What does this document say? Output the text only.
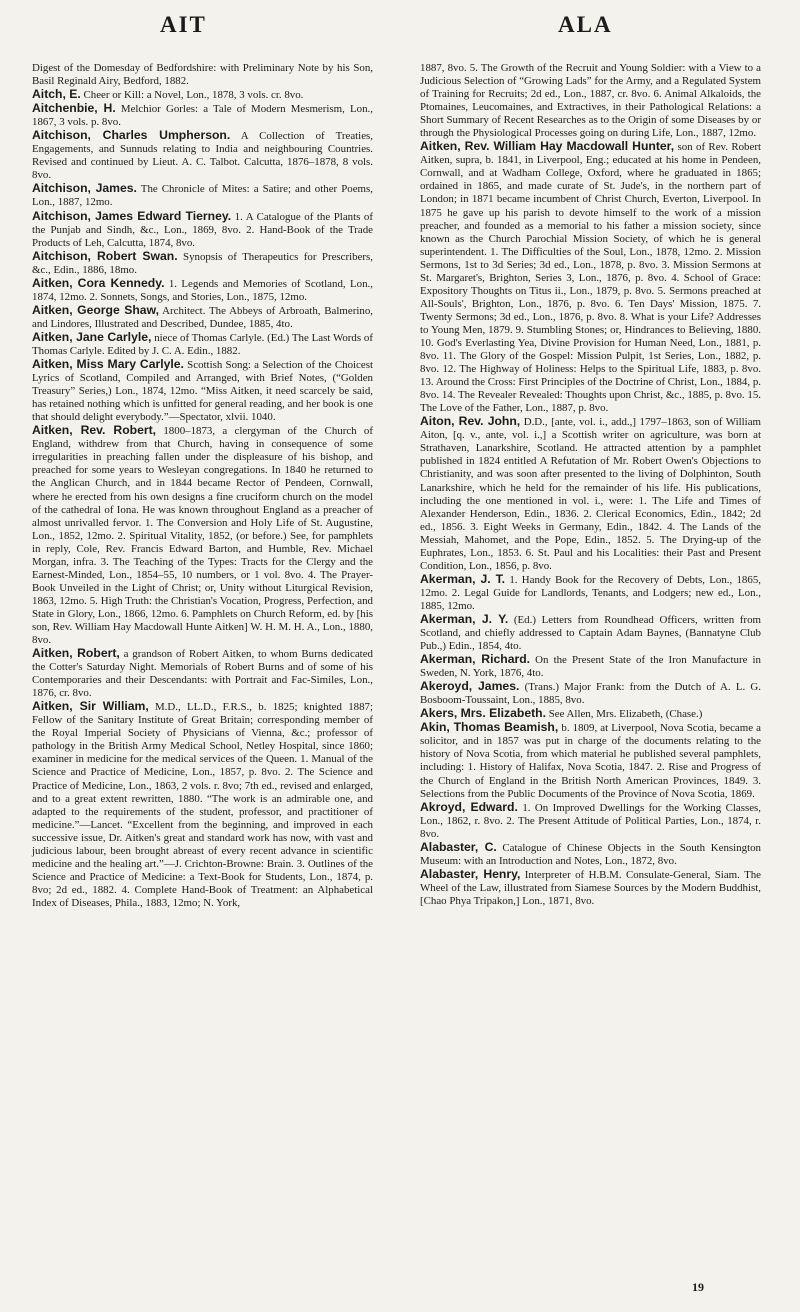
AIT	ALA

Digest of the Domesday of Bedfordshire: with Preliminary Note by his Son, Basil Reginald Airy, Bedford, 1882.

Aitch, E. Cheer or Kill: a Novel, Lon., 1878, 3 vols. cr. 8vo.

Aitchenbie, H. Melchior Gorles: a Tale of Modern Mesmerism, Lon., 1867, 3 vols. p. 8vo.

Aitchison, Charles Umpherson. A Collection of Treaties, Engagements, and Sunnuds relating to India and neighbouring Countries. Revised and continued by Lieut. A. C. Talbot. Calcutta, 1876–1878, 8 vols. 8vo.

Aitchison, James. The Chronicle of Mites: a Satire; and other Poems, Lon., 1887, 12mo.

Aitchison, James Edward Tierney. 1. A Catalogue of the Plants of the Punjab and Sindh, &c., Lon., 1869, 8vo. 2. Hand-Book of the Trade Products of Leh, Calcutta, 1874, 8vo.

Aitchison, Robert Swan. Synopsis of Therapeutics for Prescribers, &c., Edin., 1886, 18mo.

Aitken, Cora Kennedy. 1. Legends and Memories of Scotland, Lon., 1874, 12mo. 2. Sonnets, Songs, and Stories, Lon., 1875, 12mo.

Aitken, George Shaw, Architect. The Abbeys of Arbroath, Balmerino, and Lindores, Illustrated and Described, Dundee, 1885, 4to.

Aitken, Jane Carlyle, niece of Thomas Carlyle. (Ed.) The Last Words of Thomas Carlyle. Edited by J. C. A. Edin., 1882.

Aitken, Miss Mary Carlyle. Scottish Song: a Selection of the Choicest Lyrics of Scotland, Compiled and Arranged, with Brief Notes, (“Golden Treasury” Series,) Lon., 1874, 12mo. “Miss Aitken, it need scarcely be said, has retained nothing which is unfitted for general reading, and her book is one that should delight everybody.”—Spectator, xlvii. 1040.

Aitken, Rev. Robert, 1800–1873, a clergyman of the Church of England, withdrew from that Church, having in consequence of some irregularities in preaching fallen under the displeasure of his bishop, and preached for some years to Wesleyan congregations. In 1840 he returned to the Anglican Church, and in 1844 became Rector of Pendeen, Cornwall, where he erected from his own designs a fine cruciform church on the model of the cathedral of Iona. He was known throughout England as a preacher of almost unrivalled fervor. 1. The Conversion and Holy Life of St. Augustine, Lon., 1852, 12mo. 2. Spiritual Vitality, 1852, (or before.) See, for pamphlets in reply, Cole, Rev. Francis Edward Barton, and Humble, Rev. Michael Morgan, infra. 3. The Teaching of the Types: Tracts for the Clergy and the Earnest-Minded, Lon., 1854–55, 10 numbers, or 1 vol. 8vo. 4. The Prayer-Book Unveiled in the Light of Christ; or, Unity without Liturgical Revision, 1863, 12mo. 5. High Truth: the Christian's Vocation, Progress, Perfection, and State in Glory, Lon., 1866, 12mo. 6. Pamphlets on Church Reform, ed. by [his son, Rev. William Hay Macdowall Hunte Aitken] W. H. M. H. A., Lon., 1880, 8vo.

Aitken, Robert, a grandson of Robert Aitken, to whom Burns dedicated the Cotter's Saturday Night. Memorials of Robert Burns and of some of his Contemporaries and their Descendants: with Portrait and Fac-Similes, Lon., 1876, cr. 8vo.

Aitken, Sir William, M.D., LL.D., F.R.S., b. 1825; knighted 1887; Fellow of the Sanitary Institute of Great Britain; corresponding member of the Royal Imperial Society of Physicians of Vienna, &c.; professor of pathology in the British Army Medical School, Netley Hospital, since 1860; examiner in medicine for the medical services of the Queen. 1. Manual of the Science and Practice of Medicine, Lon., 1857, p. 8vo. 2. The Science and Practice of Medicine, Lon., 1863, 2 vols. r. 8vo; 7th ed., revised and enlarged, and to a great extent rewritten, 1880. “The work is an admirable one, and adapted to the requirements of the student, professor, and practitioner of medicine.”—Lancet. “Excellent from the beginning, and improved in each successive issue, Dr. Aitken's great and standard work has now, with vast and judicious labour, been brought abreast of every recent advance in scientific medicine and the healing art.”—J. Crichton-Browne: Brain. 3. Outlines of the Science and Practice of Medicine: a Text-Book for Students, Lon., 1874, p. 8vo; 2d ed., 1882. 4. Complete Hand-Book of Treatment: an Alphabetical Index of Diseases, Phila., 1883, 12mo; N. York,

1887, 8vo. 5. The Growth of the Recruit and Young Soldier: with a View to a Judicious Selection of “Growing Lads” for the Army, and a Regulated System of Training for Recruits; 2d ed., Lon., 1887, cr. 8vo. 6. Animal Alkaloids, the Ptomaines, Leucomaines, and Extractives, in their Pathological Relations: a Short Summary of Recent Researches as to the Origin of some Diseases by or through the Physiological Processes going on during Life, Lon., 1887, 12mo.

Aitken, Rev. William Hay Macdowall Hunter, son of Rev. Robert Aitken, supra, b. 1841, in Liverpool, Eng.; educated at his home in Pendeen, Cornwall, and at Wadham College, Oxford, where he graduated in 1865; ordained in 1865, and made curate of St. Jude's, in the northern part of London; in 1871 became incumbent of Christ Church, Everton, Liverpool. In 1875 he gave up his parish to devote himself to the work of a mission preacher, and founded as a memorial to his father a mission society, since known as the Church Parochial Mission Society, of which he is general superintendent. 1. The Difficulties of the Soul, Lon., 1878, 12mo. 2. Mission Sermons, 1st to 3d Series; 3d ed., Lon., 1878, p. 8vo. 3. Mission Sermons at St. Margaret's, Brighton, Series 3, Lon., 1876, p. 8vo. 4. School of Grace: Expository Thoughts on Titus ii., Lon., 1879, p. 8vo. 5. Sermons preached at All-Souls', Brighton, Lon., 1876, p. 8vo. 6. Ten Days' Mission, 1875. 7. Twenty Sermons; 3d ed., Lon., 1876, p. 8vo. 8. What is your Life? Addresses to Young Men, 1879. 9. Stumbling Stones; or, Hindrances to Believing, 1880. 10. God's Everlasting Yea, Divine Provision for Human Need, Lon., 1881, p. 8vo. 11. The Glory of the Gospel: Mission Pulpit, 1st Series, Lon., 1882, p. 8vo. 12. The Highway of Holiness: Helps to the Spiritual Life, 1883, p. 8vo. 13. Around the Cross: First Principles of the Doctrine of Christ, Lon., 1884, p. 8vo. 14. The Revealer Revealed: Thoughts upon Christ, &c., 1885, p. 8vo. 15. The Love of the Father, Lon., 1887, p. 8vo.

Aiton, Rev. John, D.D., [ante, vol. i., add.,] 1797–1863, son of William Aiton, [q. v., ante, vol. i.,] a Scottish writer on agriculture, was born at Strathaven, Lanarkshire, Scotland. He attracted attention by a pamphlet published in 1824 entitled A Refutation of Mr. Robert Owen's Objections to Christianity, and was soon after presented to the living of Dolphinton, South Lanarkshire, which he held for the remainder of his life. His publications, including the one mentioned in vol. i., were: 1. The Life and Times of Alexander Henderson, Edin., 1836. 2. Clerical Economics, Edin., 1842; 2d ed., 1856. 3. Eight Weeks in Germany, Edin., 1842. 4. The Lands of the Messiah, Mahomet, and the Pope, Edin., 1852. 5. The Drying-up of the Euphrates, Lon., 1853. 6. St. Paul and his Localities: their Past and Present Condition, Lon., 1856, p. 8vo.

Akerman, J. T. 1. Handy Book for the Recovery of Debts, Lon., 1865, 12mo. 2. Legal Guide for Landlords, Tenants, and Lodgers; new ed., Lon., 1885, 12mo.

Akerman, J. Y. (Ed.) Letters from Roundhead Officers, written from Scotland, and chiefly addressed to Captain Adam Baynes, (Bannatyne Club Pub.,) Edin., 1854, 4to.

Akerman, Richard. On the Present State of the Iron Manufacture in Sweden, N. York, 1876, 4to.

Akeroyd, James. (Trans.) Major Frank: from the Dutch of A. L. G. Bosboom-Toussaint, Lon., 1885, 8vo.

Akers, Mrs. Elizabeth. See Allen, Mrs. Elizabeth, (Chase.)

Akin, Thomas Beamish, b. 1809, at Liverpool, Nova Scotia, became a solicitor, and in 1857 was put in charge of the documents relating to the history of Nova Scotia, from which material he published several pamphlets, including: 1. History of Halifax, Nova Scotia, 1847. 2. Rise and Progress of the Church of England in the British North American Provinces, 1849. 3. Selections from the Public Documents of the Province of Nova Scotia, 1869.

Akroyd, Edward. 1. On Improved Dwellings for the Working Classes, Lon., 1862, r. 8vo. 2. The Present Attitude of Political Parties, Lon., 1874, r. 8vo.

Alabaster, C. Catalogue of Chinese Objects in the South Kensington Museum: with an Introduction and Notes, Lon., 1872, 8vo.

Alabaster, Henry, Interpreter of H.B.M. Consulate-General, Siam. The Wheel of the Law, illustrated from Siamese Sources by the Modern Buddhist, [Chao Phya Tripakon,] Lon., 1871, 8vo.

19
